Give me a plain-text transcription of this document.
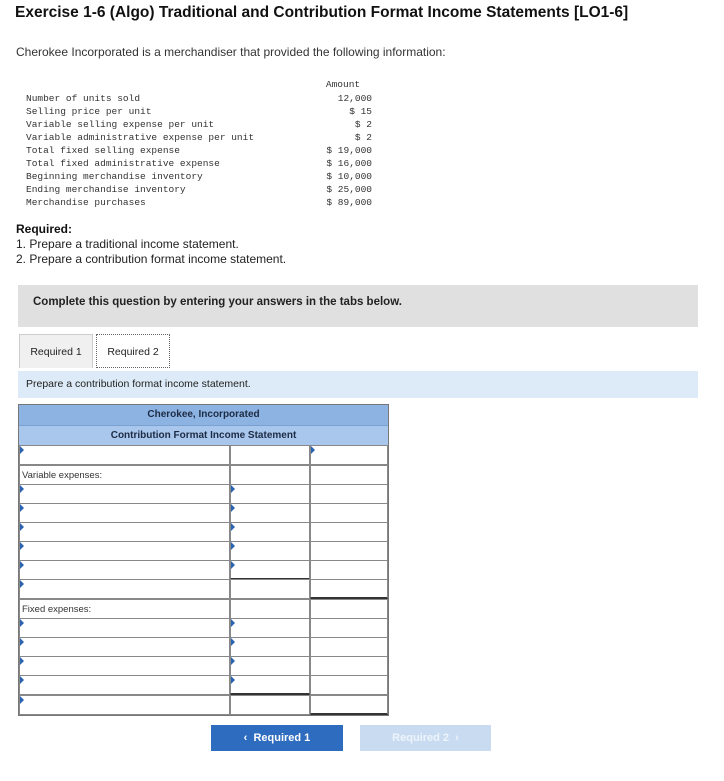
Exercise 1-6 (Algo) Traditional and Contribution Format Income Statements [LO1-6]
Cherokee Incorporated is a merchandiser that provided the following information:
Amount
Number of units sold	12,000
Selling price per unit	$ 15
Variable selling expense per unit	$ 2
Variable administrative expense per unit	$ 2
Total fixed selling expense	$ 19,000
Total fixed administrative expense	$ 16,000
Beginning merchandise inventory	$ 10,000
Ending merchandise inventory	$ 25,000
Merchandise purchases	$ 89,000
Required:
1. Prepare a traditional income statement.
2. Prepare a contribution format income statement.
Complete this question by entering your answers in the tabs below.
Required 1	Required 2
Prepare a contribution format income statement.
Cherokee, Incorporated
Contribution Format Income Statement
Variable expenses:
Fixed expenses:
‹  Required 1	Required 2  ›
